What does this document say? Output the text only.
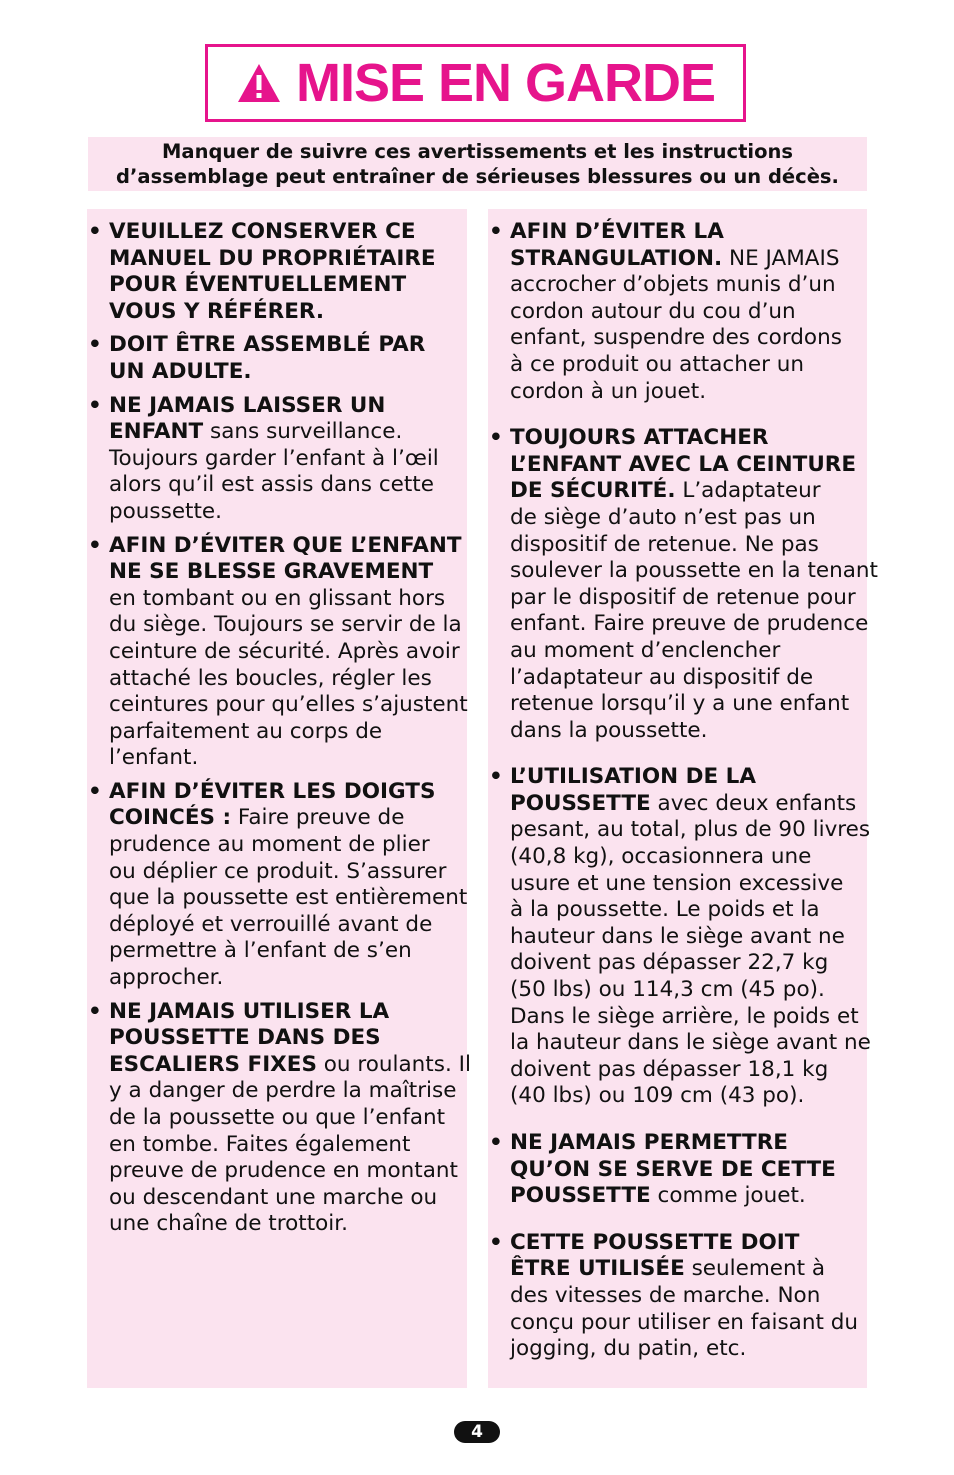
MISE EN GARDE
Manquer de suivre ces avertissements et les instructions
d’assemblage peut entraîner de sérieuses blessures ou un décès.
• VEUILLEZ CONSERVER CE
MANUEL DU PROPRIÉTAIRE
POUR ÉVENTUELLEMENT
VOUS Y RÉFÉRER.
• DOIT ÊTRE ASSEMBLÉ PAR
UN ADULTE.
• NE JAMAIS LAISSER UN
ENFANT sans surveillance.
Toujours garder l’enfant à l’œil
alors qu’il est assis dans cette
poussette.
• AFIN D’ÉVITER QUE L’ENFANT
NE SE BLESSE GRAVEMENT
en tombant ou en glissant hors
du siège. Toujours se servir de la
ceinture de sécurité. Après avoir
attaché les boucles, régler les
ceintures pour qu’elles s’ajustent
parfaitement au corps de
l’enfant.
• AFIN D’ÉVITER LES DOIGTS
COINCÉS : Faire preuve de
prudence au moment de plier
ou déplier ce produit. S’assurer
que la poussette est entièrement
déployé et verrouillé avant de
permettre à l’enfant de s’en
approcher.
• NE JAMAIS UTILISER LA
POUSSETTE DANS DES
ESCALIERS FIXES ou roulants. Il
y a danger de perdre la maîtrise
de la poussette ou que l’enfant
en tombe. Faites également
preuve de prudence en montant
ou descendant une marche ou
une chaîne de trottoir.
• AFIN D’ÉVITER LA
STRANGULATION. NE JAMAIS
accrocher d’objets munis d’un
cordon autour du cou d’un
enfant, suspendre des cordons
à ce produit ou attacher un
cordon à un jouet.
• TOUJOURS ATTACHER
L’ENFANT AVEC LA CEINTURE
DE SÉCURITÉ. L’adaptateur
de siège d’auto n’est pas un
dispositif de retenue. Ne pas
soulever la poussette en la tenant
par le dispositif de retenue pour
enfant. Faire preuve de prudence
au moment d’enclencher
l’adaptateur au dispositif de
retenue lorsqu’il y a une enfant
dans la poussette.
• L’UTILISATION DE LA
POUSSETTE avec deux enfants
pesant, au total, plus de 90 livres
(40,8 kg), occasionnera une
usure et une tension excessive
à la poussette. Le poids et la
hauteur dans le siège avant ne
doivent pas dépasser 22,7 kg
(50 lbs) ou 114,3 cm (45 po).
Dans le siège arrière, le poids et
la hauteur dans le siège avant ne
doivent pas dépasser 18,1 kg
(40 lbs) ou 109 cm (43 po).
• NE JAMAIS PERMETTRE
QU’ON SE SERVE DE CETTE
POUSSETTE comme jouet.
• CETTE POUSSETTE DOIT
ÊTRE UTILISÉE seulement à
des vitesses de marche. Non
conçu pour utiliser en faisant du
jogging, du patin, etc.
4
